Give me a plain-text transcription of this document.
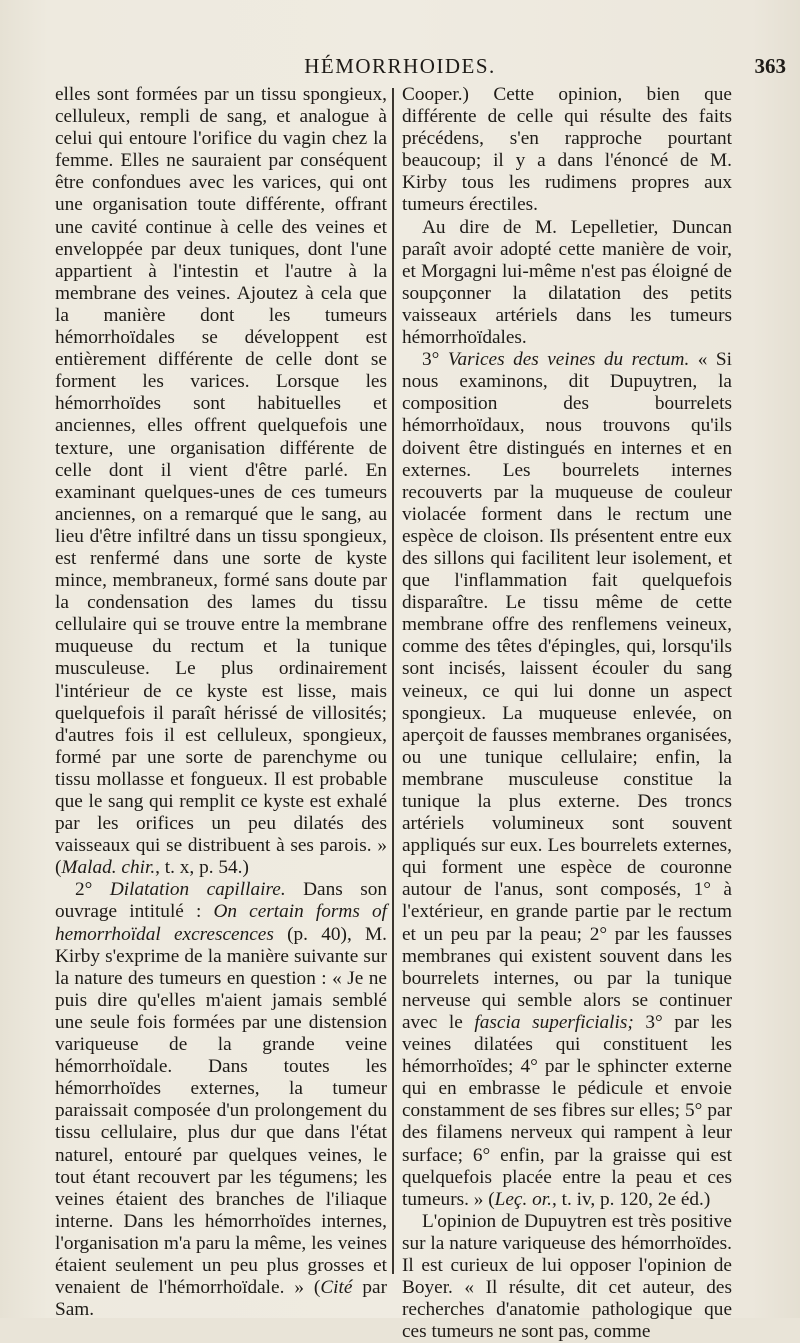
HÉMORRHOIDES.	363

elles sont formées par un tissu spongieux, celluleux, rempli de sang, et analogue à celui qui entoure l'orifice du vagin chez la femme. Elles ne sauraient par conséquent être confondues avec les varices, qui ont une organisation toute différente, offrant une cavité continue à celle des veines et enveloppée par deux tuniques, dont l'une appartient à l'intestin et l'autre à la membrane des veines. Ajoutez à cela que la manière dont les tumeurs hémorrhoïdales se développent est entièrement différente de celle dont se forment les varices. Lorsque les hémorrhoïdes sont habituelles et anciennes, elles offrent quelquefois une texture, une organisation différente de celle dont il vient d'être parlé. En examinant quelques-unes de ces tumeurs anciennes, on a remarqué que le sang, au lieu d'être infiltré dans un tissu spongieux, est renfermé dans une sorte de kyste mince, membraneux, formé sans doute par la condensation des lames du tissu cellulaire qui se trouve entre la membrane muqueuse du rectum et la tunique musculeuse. Le plus ordinairement l'intérieur de ce kyste est lisse, mais quelquefois il paraît hérissé de villosités; d'autres fois il est celluleux, spongieux, formé par une sorte de parenchyme ou tissu mollasse et fongueux. Il est probable que le sang qui remplit ce kyste est exhalé par les orifices un peu dilatés des vaisseaux qui se distribuent à ses parois. » (Malad. chir., t. x, p. 54.)

2° Dilatation capillaire. Dans son ouvrage intitulé : On certain forms of hemorrhoïdal excrescences (p. 40), M. Kirby s'exprime de la manière suivante sur la nature des tumeurs en question : « Je ne puis dire qu'elles m'aient jamais semblé une seule fois formées par une distension variqueuse de la grande veine hémorrhoïdale. Dans toutes les hémorrhoïdes externes, la tumeur paraissait composée d'un prolongement du tissu cellulaire, plus dur que dans l'état naturel, entouré par quelques veines, le tout étant recouvert par les tégumens; les veines étaient des branches de l'iliaque interne. Dans les hémorrhoïdes internes, l'organisation m'a paru la même, les veines étaient seulement un peu plus grosses et venaient de l'hémorrhoïdale. » (Cité par Sam.

Cooper.) Cette opinion, bien que différente de celle qui résulte des faits précédens, s'en rapproche pourtant beaucoup; il y a dans l'énoncé de M. Kirby tous les rudimens propres aux tumeurs érectiles.

Au dire de M. Lepelletier, Duncan paraît avoir adopté cette manière de voir, et Morgagni lui-même n'est pas éloigné de soupçonner la dilatation des petits vaisseaux artériels dans les tumeurs hémorrhoïdales.

3° Varices des veines du rectum. « Si nous examinons, dit Dupuytren, la composition des bourrelets hémorrhoïdaux, nous trouvons qu'ils doivent être distingués en internes et en externes. Les bourrelets internes recouverts par la muqueuse de couleur violacée forment dans le rectum une espèce de cloison. Ils présentent entre eux des sillons qui facilitent leur isolement, et que l'inflammation fait quelquefois disparaître. Le tissu même de cette membrane offre des renflemens veineux, comme des têtes d'épingles, qui, lorsqu'ils sont incisés, laissent écouler du sang veineux, ce qui lui donne un aspect spongieux. La muqueuse enlevée, on aperçoit de fausses membranes organisées, ou une tunique cellulaire; enfin, la membrane musculeuse constitue la tunique la plus externe. Des troncs artériels volumineux sont souvent appliqués sur eux. Les bourrelets externes, qui forment une espèce de couronne autour de l'anus, sont composés, 1° à l'extérieur, en grande partie par le rectum et un peu par la peau; 2° par les fausses membranes qui existent souvent dans les bourrelets internes, ou par la tunique nerveuse qui semble alors se continuer avec le fascia superficialis; 3° par les veines dilatées qui constituent les hémorrhoïdes; 4° par le sphincter externe qui en embrasse le pédicule et envoie constamment de ses fibres sur elles; 5° par des filamens nerveux qui rampent à leur surface; 6° enfin, par la graisse qui est quelquefois placée entre la peau et ces tumeurs. » (Leç. or., t. iv, p. 120, 2e éd.)

L'opinion de Dupuytren est très positive sur la nature variqueuse des hémorrhoïdes. Il est curieux de lui opposer l'opinion de Boyer. « Il résulte, dit cet auteur, des recherches d'anatomie pathologique que ces tumeurs ne sont pas, comme
